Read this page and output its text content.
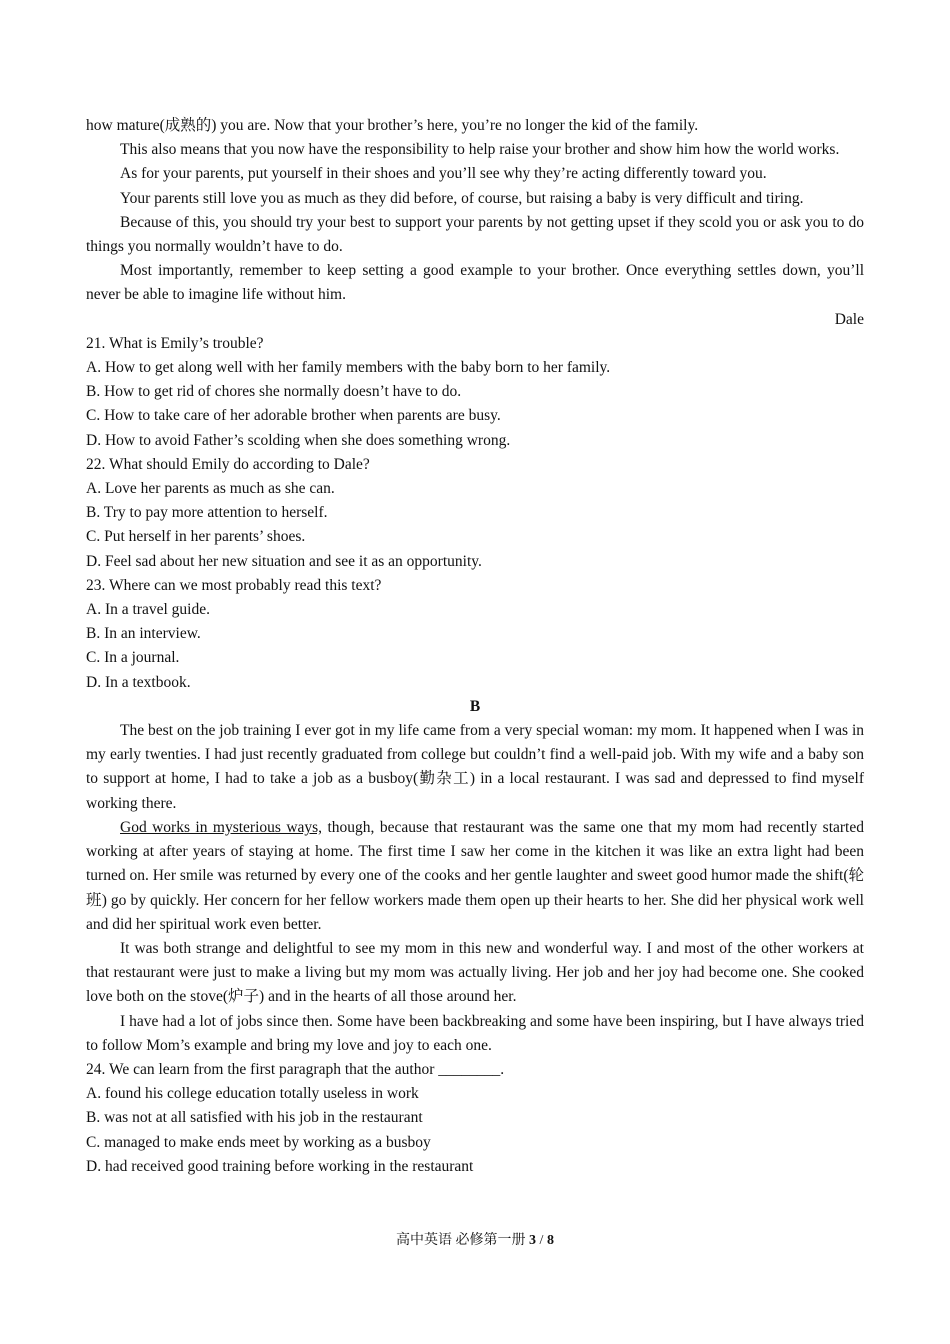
how mature(成熟的) you are. Now that your brother’s here, you’re no longer the kid of the family.

This also means that you now have the responsibility to help raise your brother and show him how the world works.

As for your parents, put yourself in their shoes and you’ll see why they’re acting differently toward you.

Your parents still love you as much as they did before, of course, but raising a baby is very difficult and tiring.

Because of this, you should try your best to support your parents by not getting upset if they scold you or ask you to do things you normally wouldn’t have to do.

Most importantly, remember to keep setting a good example to your brother. Once everything settles down, you’ll never be able to imagine life without him.

Dale

21. What is Emily’s trouble?

A. How to get along well with her family members with the baby born to her family.

B. How to get rid of chores she normally doesn’t have to do.

C. How to take care of her adorable brother when parents are busy.

D. How to avoid Father’s scolding when she does something wrong.

22. What should Emily do according to Dale?

A. Love her parents as much as she can.

B. Try to pay more attention to herself.

C. Put herself in her parents’ shoes.

D. Feel sad about her new situation and see it as an opportunity.

23. Where can we most probably read this text?

A. In a travel guide.

B. In an interview.

C. In a journal.

D. In a textbook.

B

The best on the job training I ever got in my life came from a very special woman: my mom. It happened when I was in my early twenties. I had just recently graduated from college but couldn’t find a well-paid job. With my wife and a baby son to support at home, I had to take a job as a busboy(勤杂工) in a local restaurant. I was sad and depressed to find myself working there.

God works in mysterious ways, though, because that restaurant was the same one that my mom had recently started working at after years of staying at home. The first time I saw her come in the kitchen it was like an extra light had been turned on. Her smile was returned by every one of the cooks and her gentle laughter and sweet good humor made the shift(轮班) go by quickly. Her concern for her fellow workers made them open up their hearts to her. She did her physical work well and did her spiritual work even better.

It was both strange and delightful to see my mom in this new and wonderful way. I and most of the other workers at that restaurant were just to make a living but my mom was actually living. Her job and her joy had become one. She cooked love both on the stove(炉子) and in the hearts of all those around her.

I have had a lot of jobs since then. Some have been backbreaking and some have been inspiring, but I have always tried to follow Mom’s example and bring my love and joy to each one.

24. We can learn from the first paragraph that the author ________.

A. found his college education totally useless in work

B. was not at all satisfied with his job in the restaurant

C. managed to make ends meet by working as a busboy

D. had received good training before working in the restaurant

高中英语 必修第一册 3 / 8
